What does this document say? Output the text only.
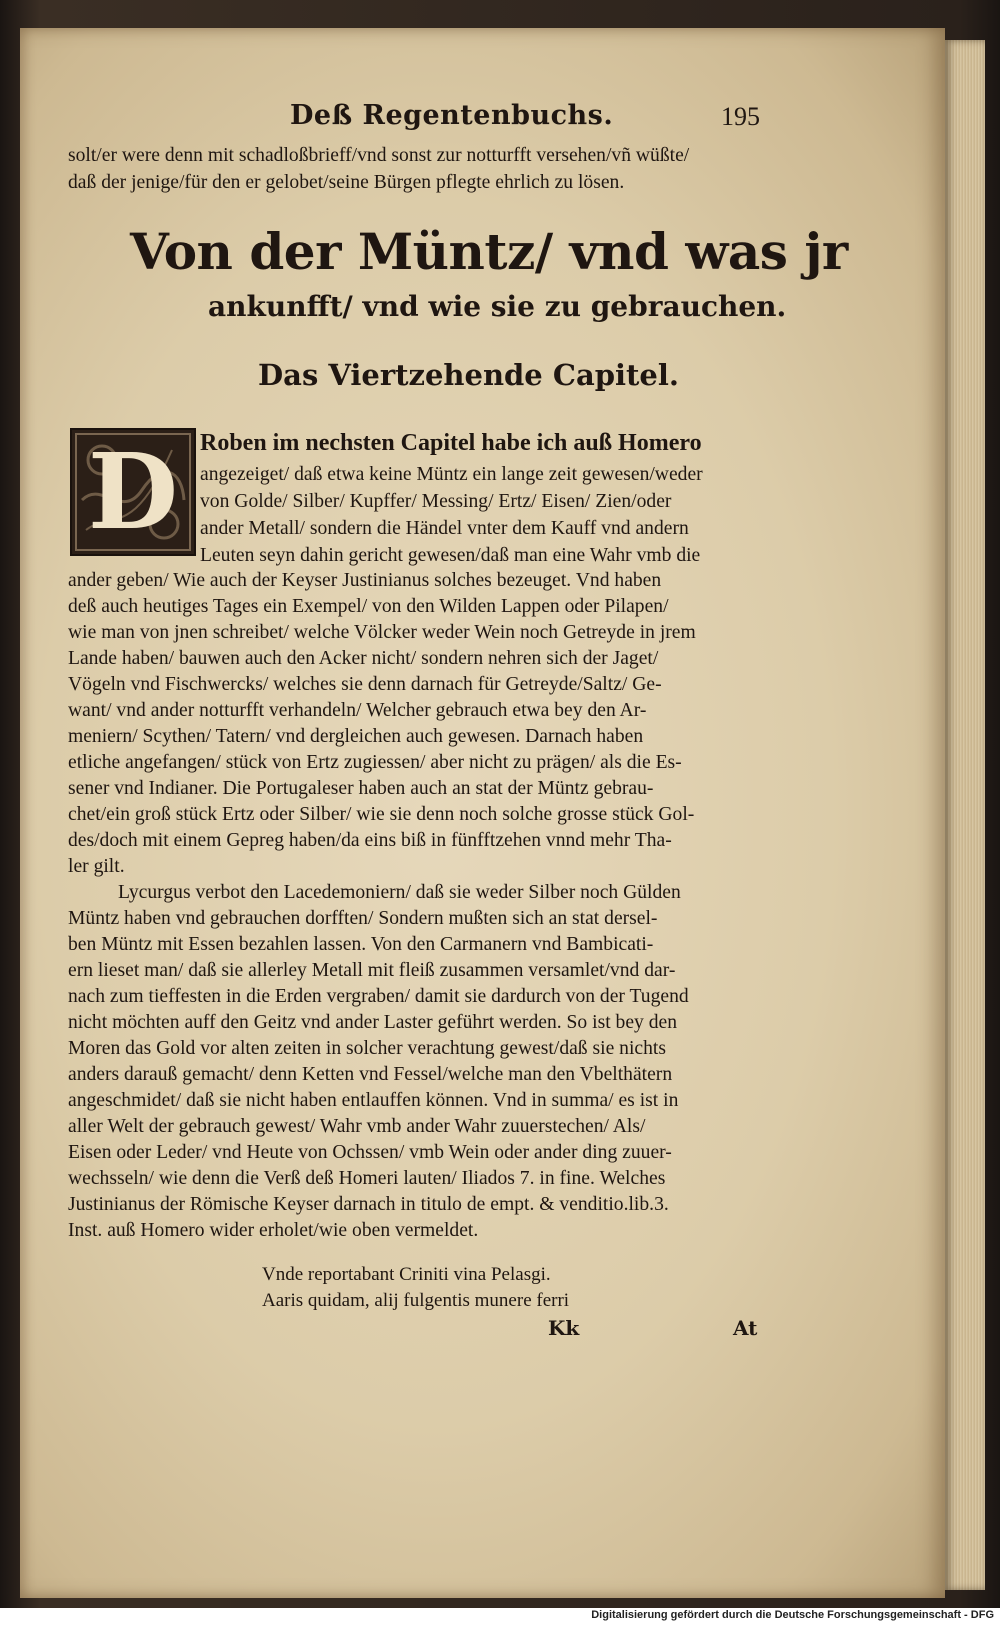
Deß Regentenbuchs.	195
solt/er were denn mit schadloßbrieff/vnd sonst zur notturfft versehen/vñ wüßte/
daß der jenige/für den er gelobet/seine Bürgen pflegte ehrlich zu lösen.
Von der Müntz/ vnd was jr
ankunfft/ vnd wie sie zu gebrauchen.
Das Viertzehende Capitel.
D Roben im nechsten Capitel habe ich auß Homero
angezeiget/ daß etwa keine Müntz ein lange zeit gewesen/weder
von Golde/ Silber/ Kupffer/ Messing/ Ertz/ Eisen/ Zien/oder
ander Metall/ sondern die Händel vnter dem Kauff vnd andern
Leuten seyn dahin gericht gewesen/daß man eine Wahr vmb die
ander geben/ Wie auch der Keyser Justinianus solches bezeuget. Vnd haben
deß auch heutiges Tages ein Exempel/ von den Wilden Lappen oder Pilapen/
wie man von jnen schreibet/ welche Völcker weder Wein noch Getreyde in jrem
Lande haben/ bauwen auch den Acker nicht/ sondern nehren sich der Jaget/
Vögeln vnd Fischwercks/ welches sie denn darnach für Getreyde/Saltz/ Ge-
want/ vnd ander notturfft verhandeln/ Welcher gebrauch etwa bey den Ar-
meniern/ Scythen/ Tatern/ vnd dergleichen auch gewesen. Darnach haben
etliche angefangen/ stück von Ertz zugiessen/ aber nicht zu prägen/ als die Es-
sener vnd Indianer. Die Portugaleser haben auch an stat der Müntz gebrau-
chet/ein groß stück Ertz oder Silber/ wie sie denn noch solche grosse stück Gol-
des/doch mit einem Gepreg haben/da eins biß in fünfftzehen vnnd mehr Tha-
ler gilt.
Lycurgus verbot den Lacedemoniern/ daß sie weder Silber noch Gülden
Müntz haben vnd gebrauchen dorfften/ Sondern mußten sich an stat dersel-
ben Müntz mit Essen bezahlen lassen. Von den Carmanern vnd Bambicati-
ern lieset man/ daß sie allerley Metall mit fleiß zusammen versamlet/vnd dar-
nach zum tieffesten in die Erden vergraben/ damit sie dardurch von der Tugend
nicht möchten auff den Geitz vnd ander Laster geführt werden. So ist bey den
Moren das Gold vor alten zeiten in solcher verachtung gewest/daß sie nichts
anders darauß gemacht/ denn Ketten vnd Fessel/welche man den Vbelthätern
angeschmidet/ daß sie nicht haben entlauffen können. Vnd in summa/ es ist in
aller Welt der gebrauch gewest/ Wahr vmb ander Wahr zuuerstechen/ Als/
Eisen oder Leder/ vnd Heute von Ochssen/ vmb Wein oder ander ding zuuer-
wechsseln/ wie denn die Verß deß Homeri lauten/ Iliados 7. in fine. Welches
Justinianus der Römische Keyser darnach in titulo de empt. & venditio.lib.3.
Inst. auß Homero wider erholet/wie oben vermeldet.
Vnde reportabant Criniti vina Pelasgi.
Aaris quidam, alij fulgentis munere ferri
Kk	At
Digitalisierung gefördert durch die Deutsche Forschungsgemeinschaft - DFG
